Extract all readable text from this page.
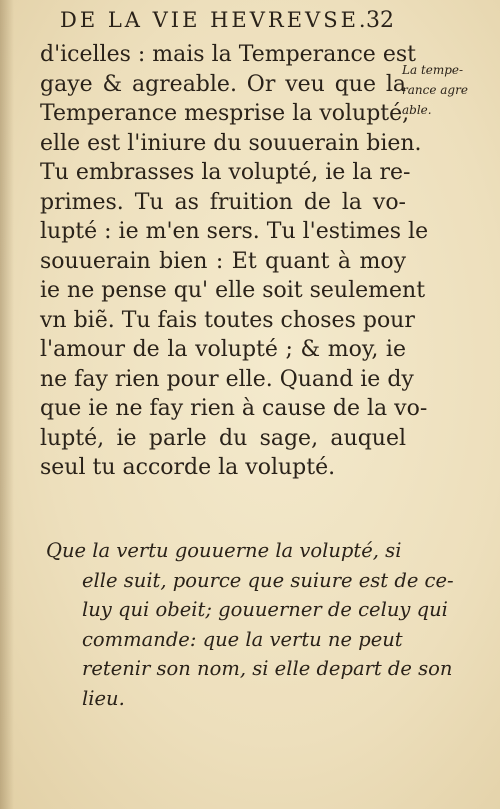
DE LA VIE HEVREVSE.
32
d'icelles : mais la Temperance est
gaye & agreable. Or veu que la
Temperance mesprise la volupté,
elle est l'iniure du souuerain bien.
Tu embrasses la volupté, ie la re-
primes. Tu as fruition de la vo-
lupté : ie m'en sers. Tu l'estimes le
souuerain bien : Et quant à moy
ie ne pense qu' elle soit seulement
vn biẽ. Tu fais toutes choses pour
l'amour de la volupté ; & moy, ie
ne fay rien pour elle. Quand ie dy
que ie ne fay rien à cause de la vo-
lupté, ie parle du sage, auquel
seul tu accorde la volupté.
La tempe-
rance agre
able.
Que la vertu gouuerne la volupté, si
elle suit, pource que suiure est de ce-
luy qui obeit; gouuerner de celuy qui
commande: que la vertu ne peut
retenir son nom, si elle depart de son
lieu.
